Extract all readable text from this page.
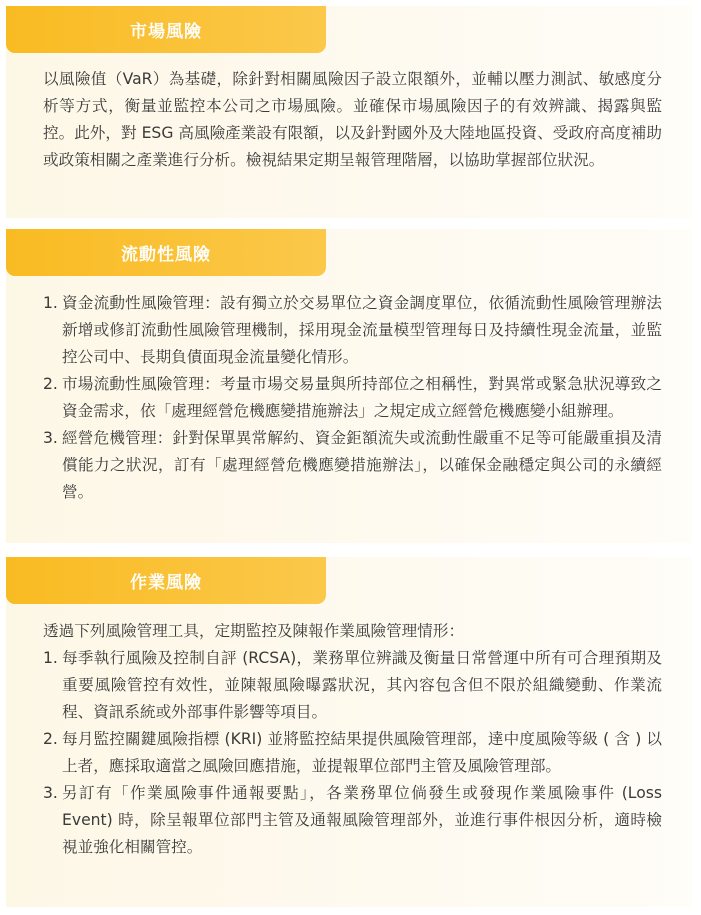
市場風險

以風險值（VaR）為基礎，除針對相關風險因子設立限額外，並輔以壓力測試、敏感度分析等方式，衡量並監控本公司之市場風險。並確保市場風險因子的有效辨識、揭露與監控。此外，對 ESG 高風險產業設有限額，以及針對國外及大陸地區投資、受政府高度補助或政策相關之產業進行分析。檢視結果定期呈報管理階層，以協助掌握部位狀況。

流動性風險
1. 資金流動性風險管理：設有獨立於交易單位之資金調度單位，依循流動性風險管理辦法新增或修訂流動性風險管理機制，採用現金流量模型管理每日及持續性現金流量，並監控公司中、長期負債面現金流量變化情形。
2. 市場流動性風險管理：考量市場交易量與所持部位之相稱性，對異常或緊急狀況導致之資金需求，依「處理經營危機應變措施辦法」之規定成立經營危機應變小組辦理。
3. 經營危機管理：針對保單異常解約、資金鉅額流失或流動性嚴重不足等可能嚴重損及清償能力之狀況，訂有「處理經營危機應變措施辦法」，以確保金融穩定與公司的永續經營。
作業風險

透過下列風險管理工具，定期監控及陳報作業風險管理情形：

1. 每季執行風險及控制自評 (RCSA)，業務單位辨識及衡量日常營運中所有可合理預期及重要風險管控有效性，並陳報風險曝露狀況，其內容包含但不限於組織變動、作業流程、資訊系統或外部事件影響等項目。
2. 每月監控關鍵風險指標 (KRI) 並將監控結果提供風險管理部，達中度風險等級 ( 含 ) 以上者，應採取適當之風險回應措施，並提報單位部門主管及風險管理部。
3. 另訂有「作業風險事件通報要點」，各業務單位倘發生或發現作業風險事件 (Loss Event) 時，除呈報單位部門主管及通報風險管理部外，並進行事件根因分析，適時檢視並強化相關管控。
